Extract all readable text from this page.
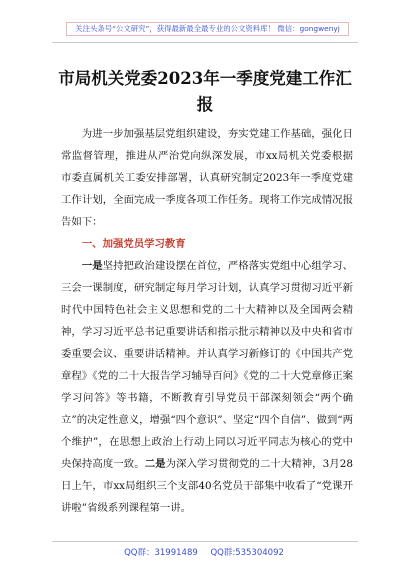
关注头条号“公文研究”，获得最新最全最专业的公文资料库！ 微信：gongwenyj
市局机关党委2023年一季度党建工作汇报

为进一步加强基层党组织建设，夯实党建工作基础，强化日常监督管理，推进从严治党向纵深发展，市xx局机关党委根据市委直属机关工委安排部署，认真研究制定2023年一季度党建工作计划，全面完成一季度各项工作任务。现将工作完成情况报告如下：

一、加强党员学习教育

一是坚持把政治建设摆在首位，严格落实党组中心组学习、三会一课制度，研究制定每月学习计划，认真学习贯彻习近平新时代中国特色社会主义思想和党的二十大精神以及全国两会精神，学习习近平总书记重要讲话和指示批示精神以及中央和省市委重要会议、重要讲话精神。并认真学习新修订的《中国共产党章程》《党的二十大报告学习辅导百问》《党的二十大党章修正案学习问答》等书籍，不断教育引导党员干部深刻领会“两个确立”的决定性意义，增强“四个意识”、坚定“四个自信”、做到“两个维护”，在思想上政治上行动上同以习近平同志为核心的党中央保持高度一致。二是为深入学习贯彻党的二十大精神，3月28日上午，市xx局组织三个支部40名党员干部集中收看了“党课开讲啦”省级系列课程第一讲。

QQ群：31991489 QQ群:535304092
